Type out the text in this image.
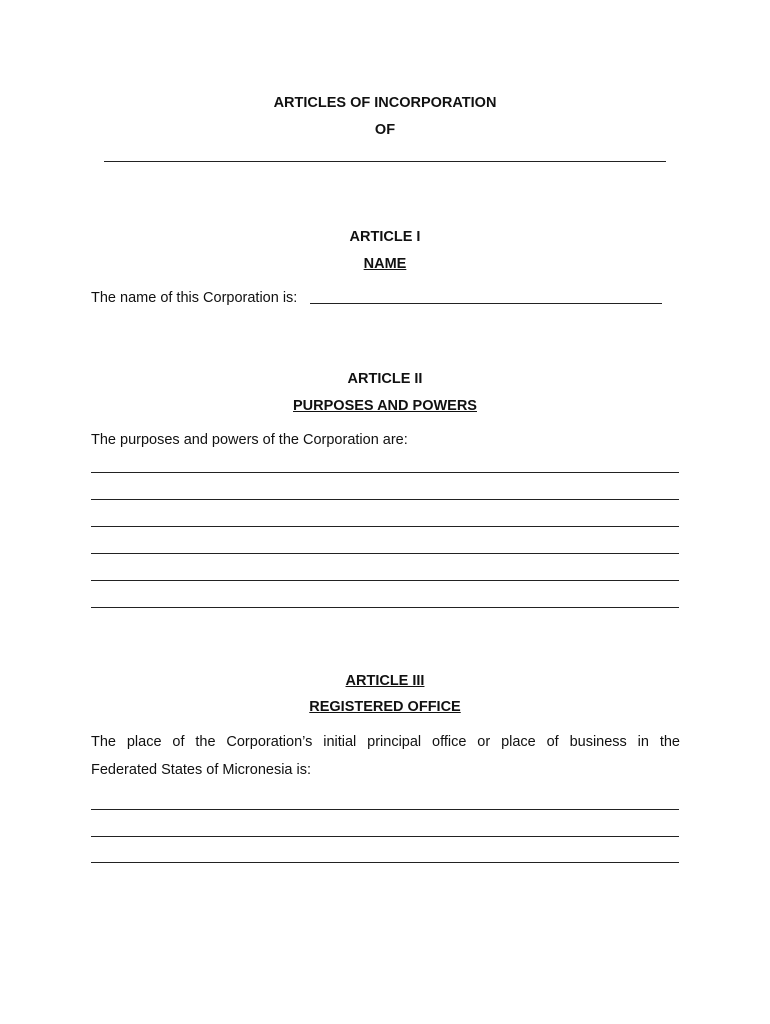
ARTICLES OF INCORPORATION
OF
ARTICLE I
NAME
The name of this Corporation is:
ARTICLE II
PURPOSES AND POWERS
The purposes and powers of the Corporation are:
ARTICLE III
REGISTERED OFFICE
The place of the Corporation’s initial principal office or place of business in the
Federated States of Micronesia is:
